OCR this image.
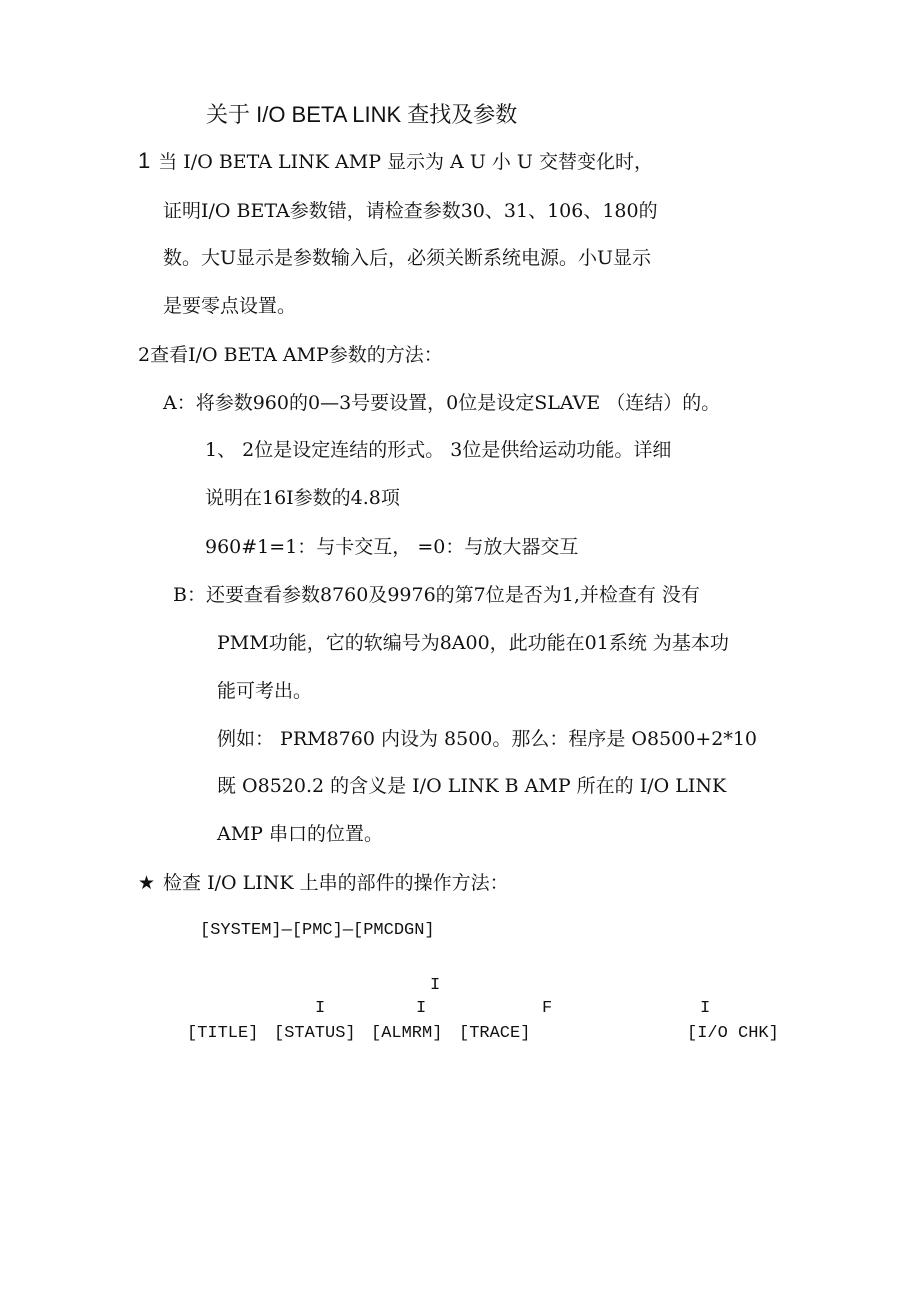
关于 I/O BETA LINK 查找及参数
1 当 I/O BETA LINK AMP 显示为 A U 小 U 交替变化时，
证明I/O BETA参数错，请检查参数30、31、106、180的
数。大U显示是参数输入后，必须关断系统电源。小U显示
是要零点设置。
2查看I/O BETA AMP参数的方法：
A：将参数960的0—3号要设置，0位是设定SLAVE （连结）的。
1、 2位是设定连结的形式。 3位是供给运动功能。详细
说明在16I参数的4.8项
960#1=1：与卡交互， =0：与放大器交互
B：还要查看参数8760及9976的第7位是否为1,并检查有 没有
PMM功能，它的软编号为8A00，此功能在01系统 为基本功
能可考出。
例如： PRM8760 内设为 8500。那么：程序是 O8500+2*10
既 O8520.2 的含义是 I/O LINK B AMP 所在的 I/O LINK
AMP 串口的位置。
★ 检查 I/O LINK 上串的部件的操作方法：
[SYSTEM]—[PMC]—[PMCDGN]
I
I	I	F	I
[TITLE] [STATUS] [ALMRM] [TRACE]	[I/O CHK]
